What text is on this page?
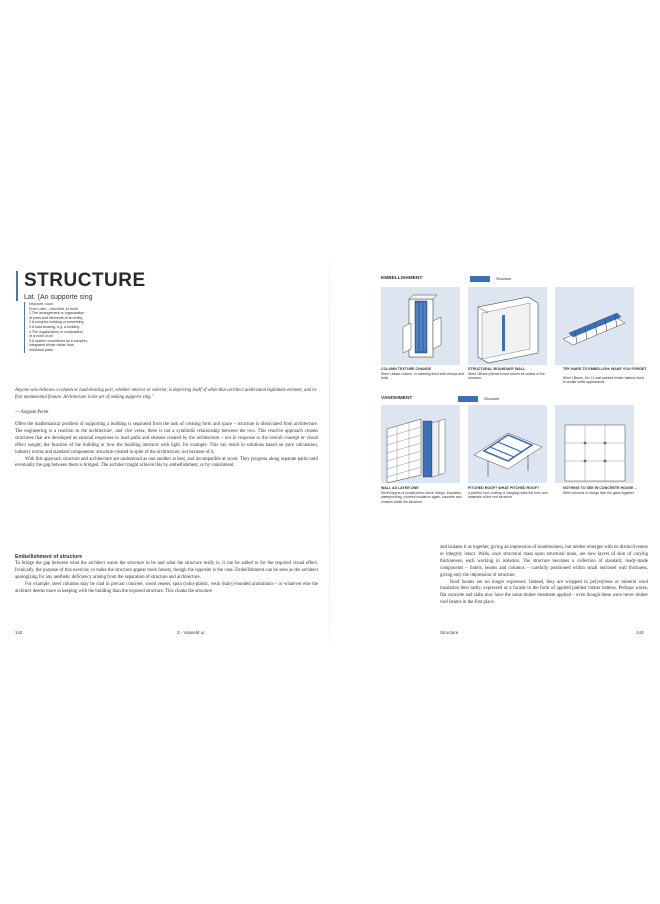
STRUCTURE
Lat. (An supporte sing
structure, noun
From Latin – structūra, to build
1 The arrangement or organization
of parts and elements of an entity,
2 A complex building or something
3 A load-bearing, e.g. a building
4 The organization or composition
of a work of art
5 A system considered as a complex,
integrated whole rather than
individual parts
Anyone who believes a column or load-bearing part, whether interior or exterior, is depriving itself of while that architect understand legitimate element, and its first monumental feature. Architecture is the art of making supports sing."
— Auguste Perret

Often the mathematical problem of supporting a building is separated from the task of creating form and space – structure is dissociated from architecture. The engineering is a reaction to the architecture', and vice versa; there is not a symbiotic relationship between the two. This reactive approach creates structures that are developed as rational responses to load paths and stresses created by the architecture – not in response to the overall concept or visual effect sought; the function of the building or how the building interacts with light, for example. This can result in solutions based on pure calculation, industry norms and standard components: structure created in spite of the architecture, not because of it.

With this approach structure and architecture are understood as one another at best, and incompatible at worst. They progress along separate paths until eventually the gap between them is bridged. The architect might achieve this by embellishment, or by vanishment.

Embellishment of structure

To bridge the gap between what the architect wants the structure to be and what the structure really is, it can be added to for the required visual effect. Ironically, the purpose of this exercise, to make the structure appear more honest, though the opposite is the case. Embellishment can be seen as the architect apologizing for any aesthetic deficiency arising from the separation of structure and architecture.

For example, steel columns may be clad in precast concrete, wood veneer, spun (rain)-plastic, resin (hairy)-bonded aluminium – or whatever else the architect deems more in keeping with the building than the exposed structure. This cloaks the structure

142	3 · Vaaseld ur
EMBELLISHMENT	Structure
COLUMN TEXTURE CHANGE
Steel I-beam column, or cladding fixed with clamps and bolts
STRUCTURAL BOUNDARY WALL
Steel I-Beam (clients board covers as outline of the structure
TRY HARD TO EMBELLISH: MAKE YOU FORGET
Steel I-Beam, 10x 11 wall painted timber battens fixed to create softer appearance
VANISHMENT	Structure
WALL AS LAYER ONE
Seven layers of construction: block, fixings, insulation, waterproofing, covered insulation again, concrete and crosses within the structure
PITCHED ROOF? WHAT PITCHED ROOF?
A pitched roof, coating or hanging hides the form and materials of the roof structure
NOTHING TO SEE IN CONCRETE HOUSE ...
Steel columns or fixings hide the glass together

and isolates it as together, giving an impression of seamlessness, but neither emerges with its distinctiveness or integrity intact. Walls, once structural mass upon structural mass, are now layers of skin of varying thicknesses, each working in isolation. The structure becomes a collection of standard, ready-made components – lintels, beams and columns – carefully positioned within small enclosed wall thickness, giving only the impression of structure.

Roof beams are no longer expressed. Instead, they are wrapped in polystyrene or mineral wool insulation then lastly, expressed as a facade in the form of applied painted timber battens. Perhaps worse, flat concrete and slabs may have the same timber treatment applied – even though these were never timber roof beams in the first place.

Structure	143
